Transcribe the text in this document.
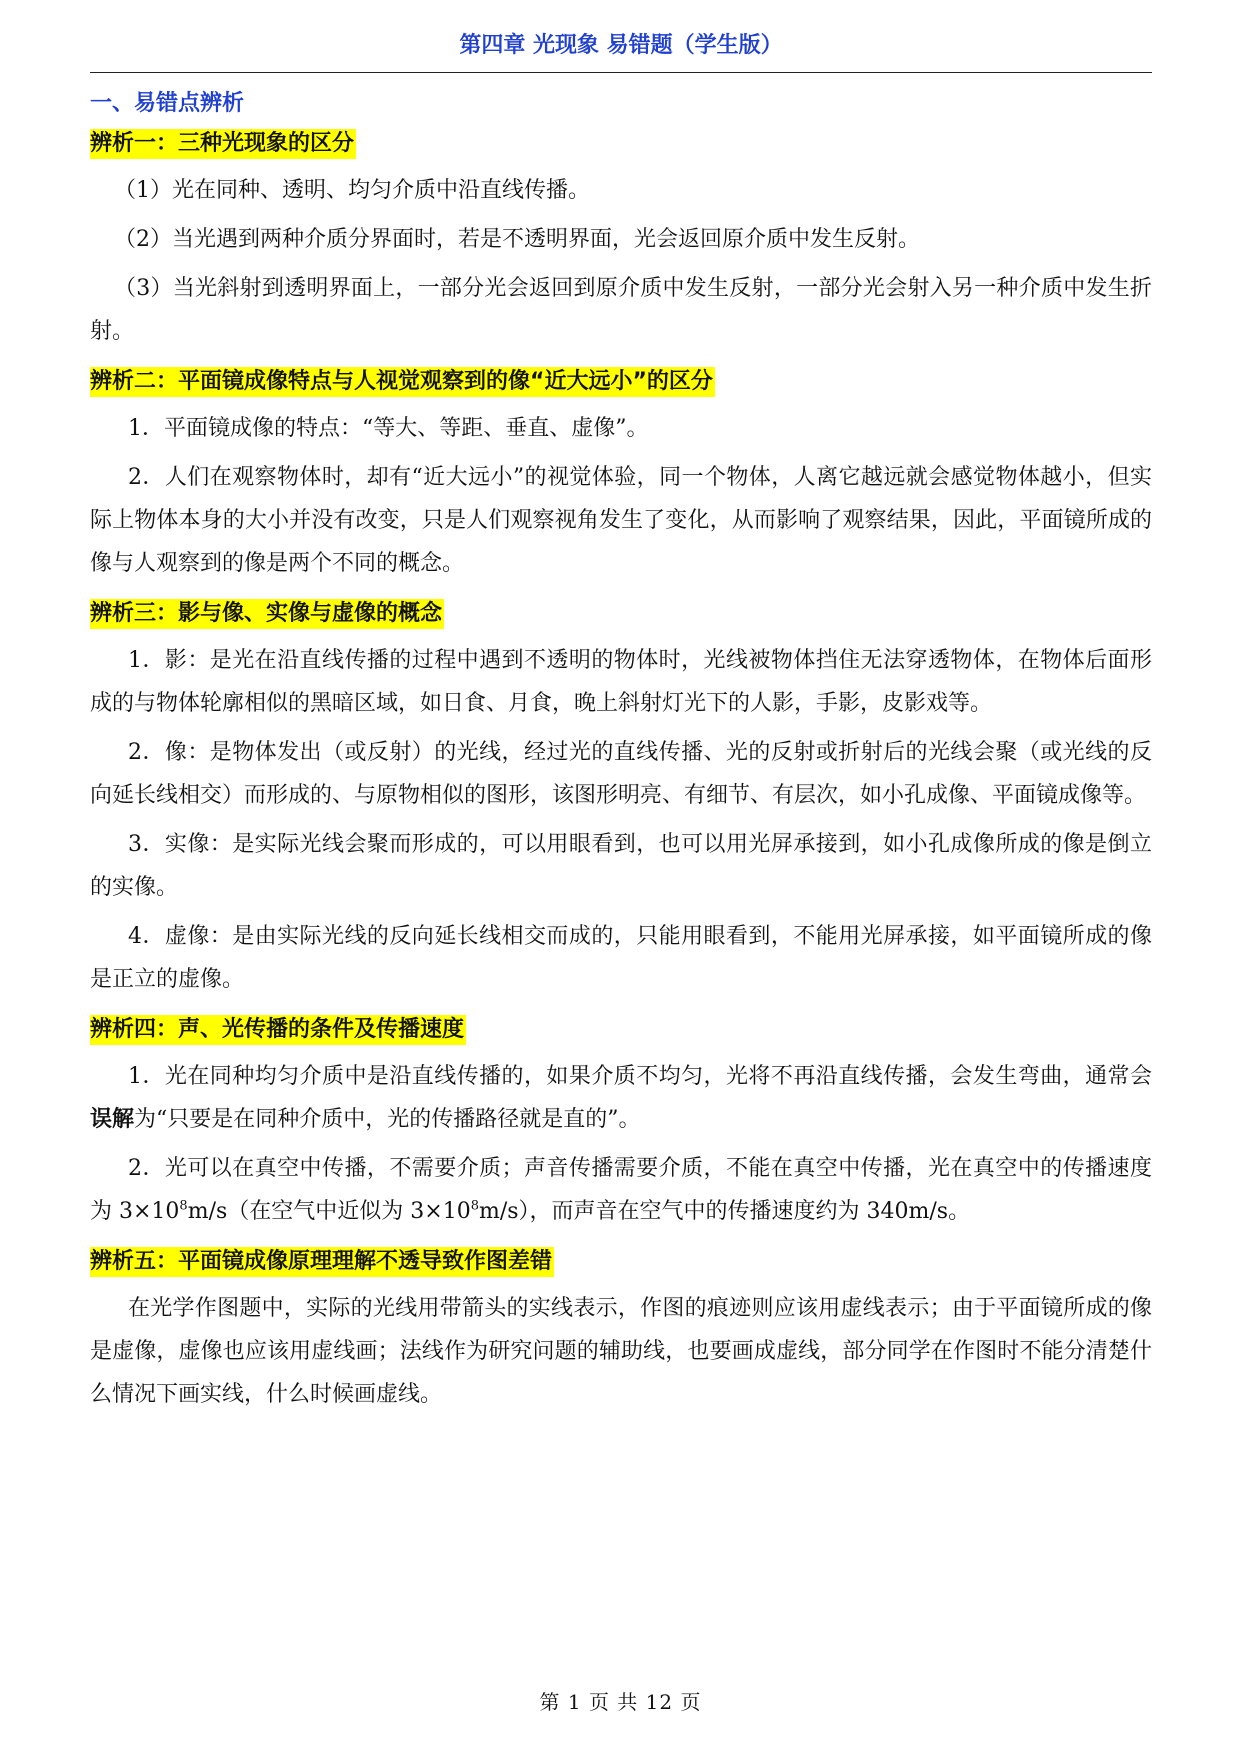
第四章 光现象 易错题（学生版）
一、易错点辨析
辨析一：三种光现象的区分

（1）光在同种、透明、均匀介质中沿直线传播。

（2）当光遇到两种介质分界面时，若是不透明界面，光会返回原介质中发生反射。

（3）当光斜射到透明界面上，一部分光会返回到原介质中发生反射，一部分光会射入另一种介质中发生折射。

辨析二：平面镜成像特点与人视觉观察到的像“近大远小”的区分

1．平面镜成像的特点：“等大、等距、垂直、虚像”。

2．人们在观察物体时，却有“近大远小”的视觉体验，同一个物体，人离它越远就会感觉物体越小，但实际上物体本身的大小并没有改变，只是人们观察视角发生了变化，从而影响了观察结果，因此，平面镜所成的像与人观察到的像是两个不同的概念。

辨析三：影与像、实像与虚像的概念

1．影：是光在沿直线传播的过程中遇到不透明的物体时，光线被物体挡住无法穿透物体，在物体后面形成的与物体轮廓相似的黑暗区域，如日食、月食，晚上斜射灯光下的人影，手影，皮影戏等。

2．像：是物体发出（或反射）的光线，经过光的直线传播、光的反射或折射后的光线会聚（或光线的反向延长线相交）而形成的、与原物相似的图形，该图形明亮、有细节、有层次，如小孔成像、平面镜成像等。

3．实像：是实际光线会聚而形成的，可以用眼看到，也可以用光屏承接到，如小孔成像所成的像是倒立的实像。

4．虚像：是由实际光线的反向延长线相交而成的，只能用眼看到，不能用光屏承接，如平面镜所成的像是正立的虚像。

辨析四：声、光传播的条件及传播速度

1．光在同种均匀介质中是沿直线传播的，如果介质不均匀，光将不再沿直线传播，会发生弯曲，通常会误解为“只要是在同种介质中，光的传播路径就是直的”。

2．光可以在真空中传播，不需要介质；声音传播需要介质，不能在真空中传播，光在真空中的传播速度为 $3\times 10^8m/s$（在空气中近似为 $3\times 10^8m/s$），而声音在空气中的传播速度约为 340m/s。

辨析五：平面镜成像原理理解不透导致作图差错

在光学作图题中，实际的光线用带箭头的实线表示，作图的痕迹则应该用虚线表示；由于平面镜所成的像是虚像，虚像也应该用虚线画；法线作为研究问题的辅助线，也要画成虚线，部分同学在作图时不能分清楚什么情况下画实线，什么时候画虚线。

第 1 页 共 12 页
